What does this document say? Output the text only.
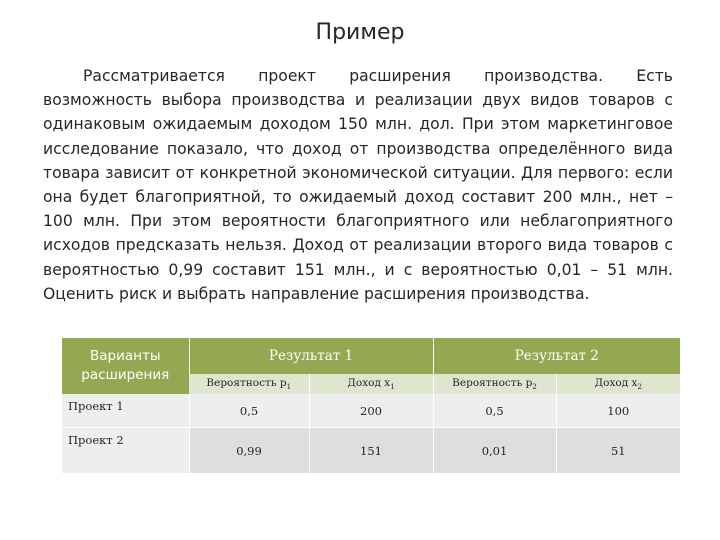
Пример
Рассматривается проект расширения производства. Есть возможность выбора производства и реализации двух видов товаров с одинаковым ожидаемым доходом 150 млн. дол. При этом маркетинговое исследование показало, что доход от производства определённого вида товара зависит от конкретной экономической ситуации. Для первого: если она будет благоприятной, то ожидаемый доход составит 200 млн., нет – 100 млн. При этом вероятности благоприятного или неблагоприятного исходов предсказать нельзя. Доход от реализации второго вида товаров с вероятностью 0,99 составит 151 млн., и с вероятностью 0,01 – 51 млн. Оценить риск и выбрать направление расширения производства.
Варианты расширения	Результат 1		Результат 2	
	Вероятность $p_1$	Доход $x_1$	Вероятность $p_2$	Доход $x_2$
Проект 1	0,5	200	0,5	100
Проект 2	0,99	151	0,01	51
